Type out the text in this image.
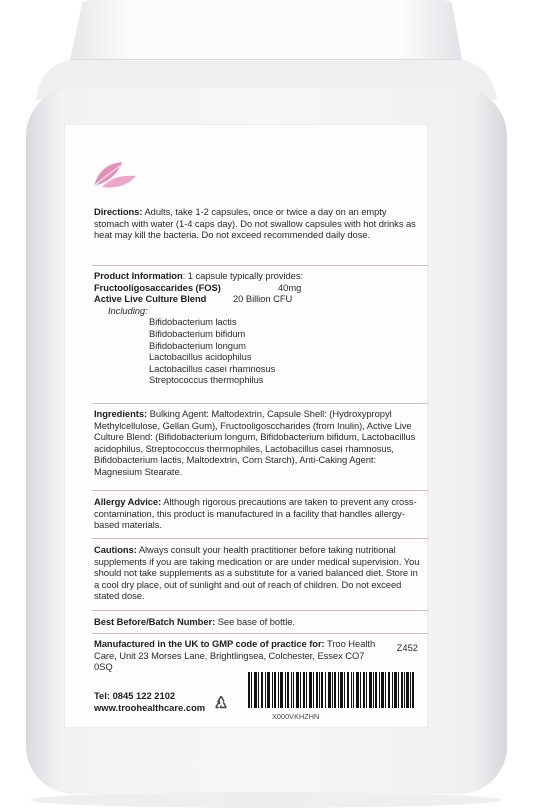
Directions: Adults, take 1-2 capsules, once or twice a day on an empty stomach with water (1-4 caps day). Do not swallow capsules with hot drinks as heat may kill the bacteria. Do not exceed recommended daily dose.
Product Information: 1 capsule typically provides:
Fructooligosaccarides (FOS)	40mg
Active Live Culture Blend	20 Billion CFU
Including:
Bifidobacterium lactis
Bifidobacterium bifidum
Bifidobacterium longum
Lactobacillus acidophilus
Lactobacillus casei rhamnosus
Streptococcus thermophilus
Ingredients: Bulking Agent: Maltodextrin, Capsule Shell: (Hydroxypropyl Methylcellulose, Gellan Gum), Fructooligosccharides (from Inulin), Active Live Culture Blend: (Bifidobacterium longum, Bifidobacterium bifidum, Lactobacillus acidophilus, Streptococcus thermophiles, Lactobacillus casei rhamnosus, Bifidobacterium lactis, Maltodextrin, Corn Starch), Anti-Caking Agent: Magnesium Stearate.
Allergy Advice: Although rigorous precautions are taken to prevent any cross-contamination, this product is manufactured in a facility that handles allergy-based materials.
Cautions: Always consult your health practitioner before taking nutritional supplements if you are taking medication or are under medical supervision. You should not take supplements as a substitute for a varied balanced diet. Store in a cool dry place, out of sunlight and out of reach of children. Do not exceed stated dose.
Best Before/Batch Number: See base of bottle.
Manufactured in the UK to GMP code of practice for: Troo Health Care, Unit 23 Morses Lane, Brightlingsea, Colchester, Essex CO7 0SQ
Z452
Tel: 0845 122 2102
www.troohealthcare.com
X000VKHZHN
